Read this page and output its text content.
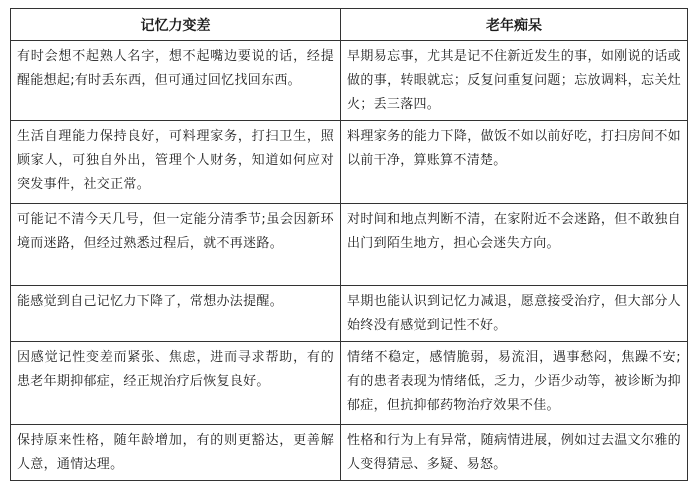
记忆力变差	老年痴呆
有时会想不起熟人名字，想不起嘴边要说的话，经提醒能想起;有时丢东西，但可通过回忆找回东西。	早期易忘事，尤其是记不住新近发生的事，如刚说的话或做的事，转眼就忘；反复问重复问题；忘放调料，忘关灶火；丢三落四。
生活自理能力保持良好，可料理家务，打扫卫生，照顾家人，可独自外出，管理个人财务，知道如何应对突发事件，社交正常。	料理家务的能力下降，做饭不如以前好吃，打扫房间不如以前干净，算账算不清楚。
可能记不清今天几号，但一定能分清季节;虽会因新环境而迷路，但经过熟悉过程后，就不再迷路。	对时间和地点判断不清，在家附近不会迷路，但不敢独自出门到陌生地方，担心会迷失方向。
能感觉到自己记忆力下降了，常想办法提醒。	早期也能认识到记忆力减退，愿意接受治疗，但大部分人始终没有感觉到记性不好。
因感觉记性变差而紧张、焦虑，进而寻求帮助，有的患老年期抑郁症，经正规治疗后恢复良好。	情绪不稳定，感情脆弱，易流泪，遇事愁闷，焦躁不安;有的患者表现为情绪低，乏力，少语少动等，被诊断为抑郁症，但抗抑郁药物治疗效果不佳。
保持原来性格，随年龄增加，有的则更豁达，更善解人意，通情达理。	性格和行为上有异常，随病情进展，例如过去温文尔雅的人变得猜忌、多疑、易怒。
